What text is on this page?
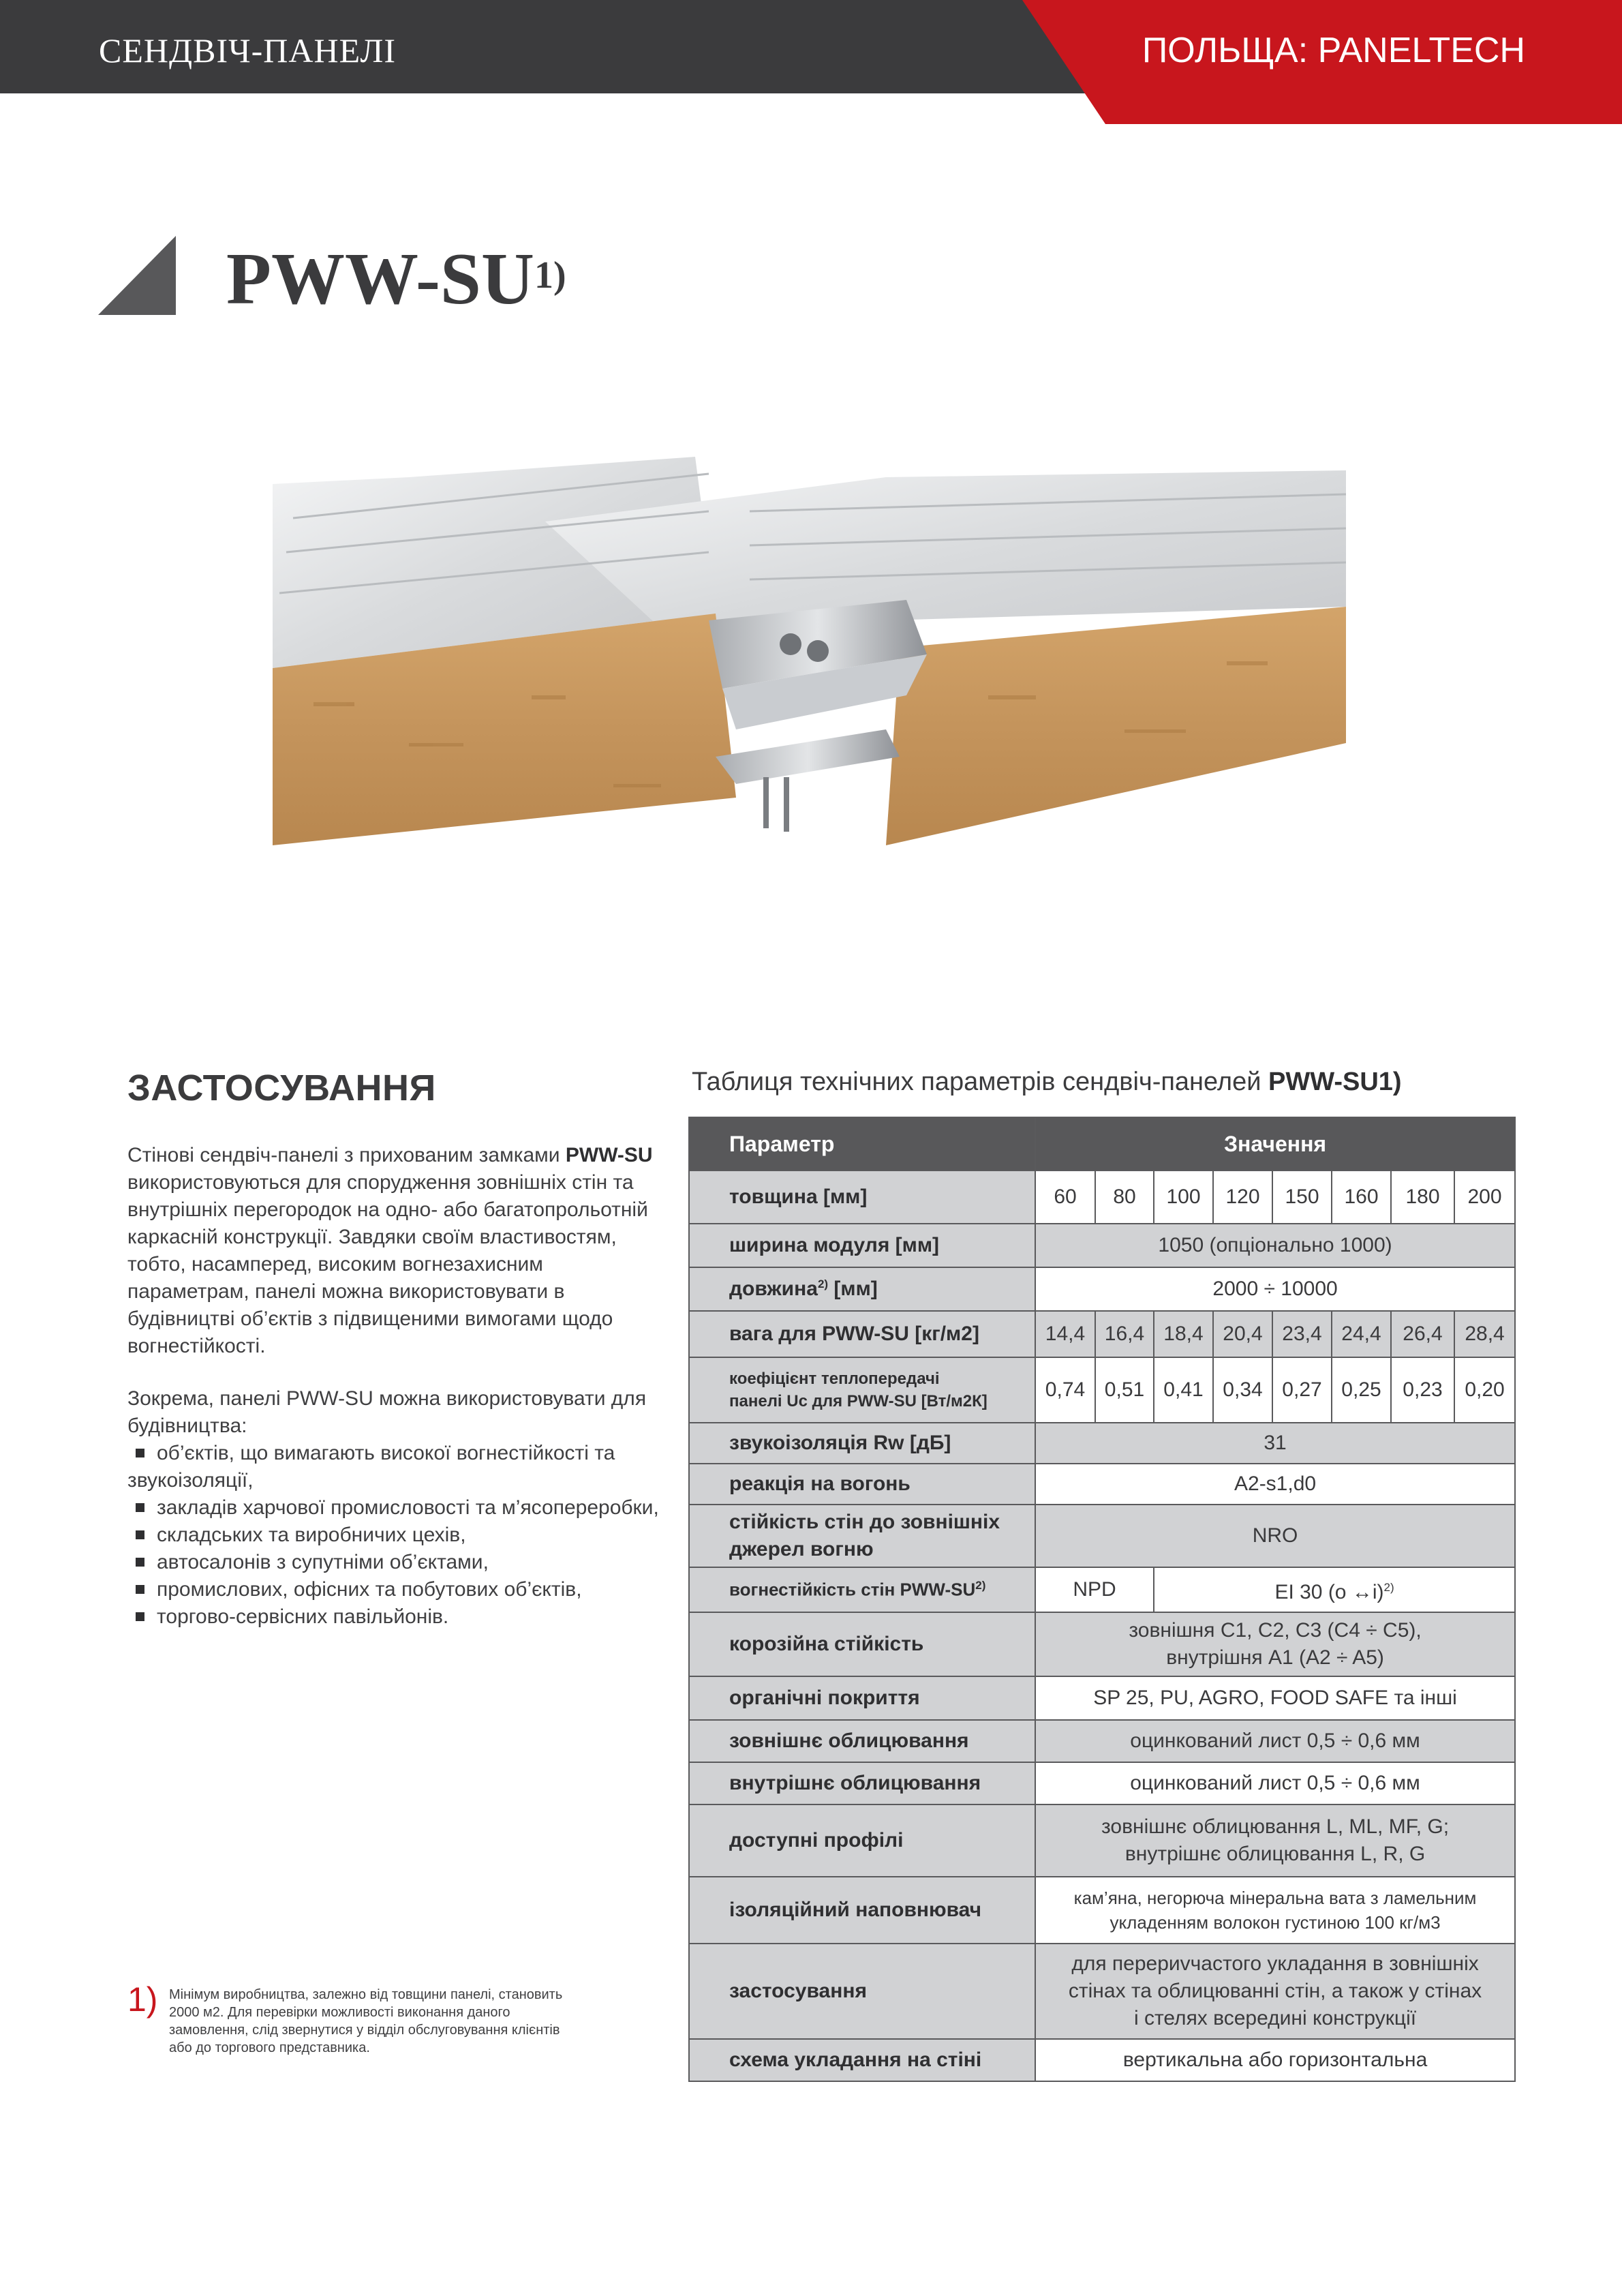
СЕНДВІЧ-ПАНЕЛІ	ПОЛЬЩА: PANELTECH
PWW-SU$^{1)}$
ЗАСТОСУВАННЯ
Стінові сендвіч-панелі з прихованим замками PWW-SU використовуються для спорудження зовнішніх стін та внутрішніх перегородок на одно- або багатопрольотній каркасній конструкції. Завдяки своїм властивостям, тобто, насамперед, високим вогнезахисним параметрам, панелі можна використовувати в будівництві об’єктів з підвищеними вимогами щодо вогнестійкості.
Зокрема, панелі PWW-SU можна використовувати для будівництва:
об’єктів, що вимагають високої вогнестійкості та звукоізоляції,
закладів харчової промисловості та м’ясопереробки,
складських та виробничих цехів,
автосалонів з супутніми об’єктами,
промислових, офісних та побутових об’єктів,
торгово-сервісних павільйонів.
1) Мінімум виробництва, залежно від товщини панелі, становить 2000 м2. Для перевірки можливості виконання даного замовлення, слід звернутися у відділ обслуговування клієнтів або до торгового представника.
Таблиця технічних параметрів сендвіч-панелей PWW-SU1)
Параметр	Значення							
товщина [мм]	60	80	100	120	150	160	180	200
ширина модуля [мм]	1050 (опціонально 1000)							
довжина$^{2)}$ [мм]	2000 ÷ 10000							
вага для PWW-SU [кг/м2]	14,4	16,4	18,4	20,4	23,4	24,4	26,4	28,4
коефіцієнт теплопередачі
панелі Uc для PWW-SU [Вт/м2К]	0,74	0,51	0,41	0,34	0,27	0,25	0,23	0,20
звукоізоляція Rw [дБ]	31							
реакція на вогонь	A2-s1,d0							
стійкість стін до зовнішніх
джерел вогню	NRO							
вогнестійкість стін PWW-SU$^{2)}$	NPD		EI 30 (o ↔i)$^{2)}$
корозійна стійкість	зовнішня C1, C2, C3 (C4 ÷ C5),
внутрішня A1 (A2 ÷ A5)							
органічні покриття	SP 25, PU, AGRO, FOOD SAFE та інші							
зовнішнє облицювання	оцинкований лист 0,5 ÷ 0,6 мм							
внутрішнє облицювання	оцинкований лист 0,5 ÷ 0,6 мм							
доступні профілі	зовнішнє облицювання L, ML, MF, G;
внутрішнє облицювання L, R, G							
ізоляційний наповнювач	кам’яна, негорюча мінеральна вата з ламельним
укладенням волокон густиною 100 кг/м3							
застосування	для перериvчастого укладання в зовнішніх
стінах та облицюванні стін, а також у стінах
і стелях всередині конструкції							
схема укладання на стіні	вертикальна або горизонтальна							
